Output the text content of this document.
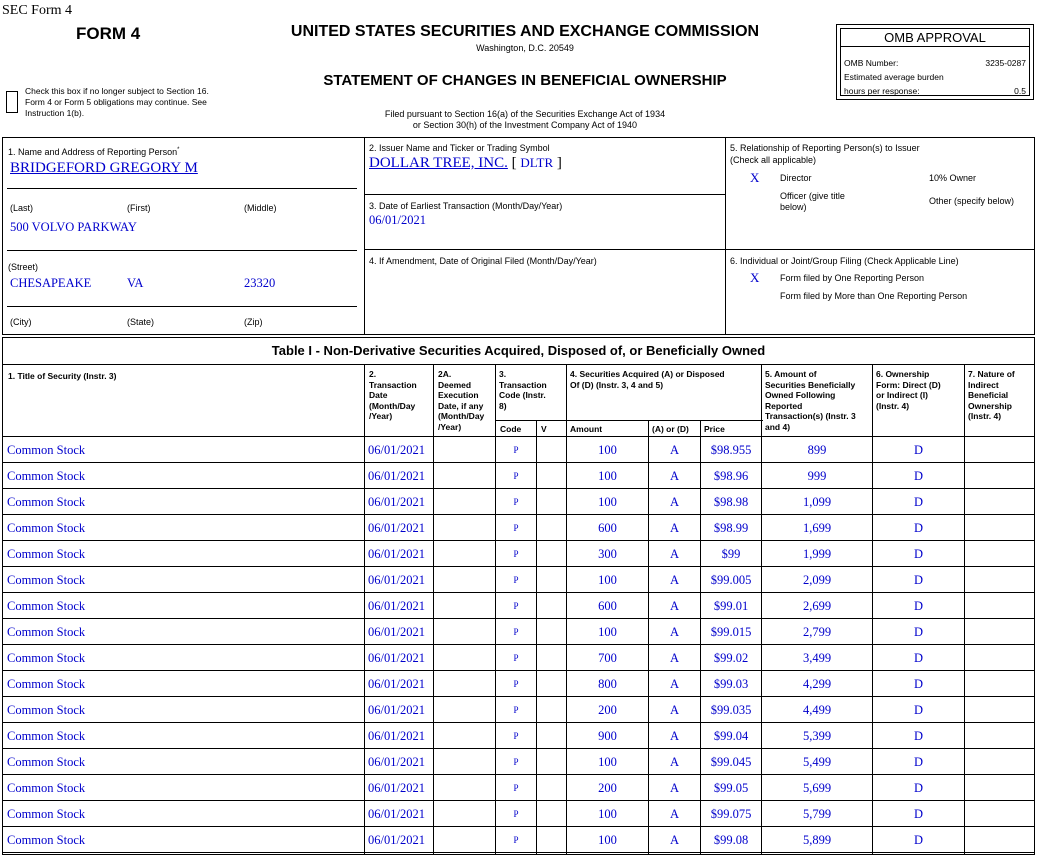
SEC Form 4
FORM 4
Check this box if no longer subject to Section 16. Form 4 or Form 5 obligations may continue. See Instruction 1(b).
UNITED STATES SECURITIES AND EXCHANGE COMMISSION
Washington, D.C. 20549
STATEMENT OF CHANGES IN BENEFICIAL OWNERSHIP
Filed pursuant to Section 16(a) of the Securities Exchange Act of 1934
or Section 30(h) of the Investment Company Act of 1940
OMB APPROVAL
OMB Number:	3235-0287
Estimated average burden
hours per response:	0.5
1. Name and Address of Reporting Person*
BRIDGEFORD GREGORY M
(Last)	(First)	(Middle)
500 VOLVO PARKWAY
(Street)
CHESAPEAKE	VA	23320
(City)	(State)	(Zip)
2. Issuer Name and Ticker or Trading Symbol
DOLLAR TREE, INC. [ DLTR ]
3. Date of Earliest Transaction (Month/Day/Year)
06/01/2021
4. If Amendment, Date of Original Filed (Month/Day/Year)
5. Relationship of Reporting Person(s) to Issuer
(Check all applicable)
X Director	10% Owner
Officer (give title
below)
Other (specify below)
6. Individual or Joint/Group Filing (Check Applicable Line)
X Form filed by One Reporting Person
Form filed by More than One Reporting Person
Table I - Non-Derivative Securities Acquired, Disposed of, or Beneficially Owned
1. Title of Security (Instr. 3)	2.
Transaction
Date
(Month/Day
/Year)
2A.
Deemed
Execution
Date, if any
(Month/Day
/Year)
3.
Transaction
Code (Instr.
8)
Code V
4. Securities Acquired (A) or Disposed
Of (D) (Instr. 3, 4 and 5)
Amount	(A) or (D) Price
5. Amount of
Securities Beneficially
Owned Following
Reported
Transaction(s) (Instr. 3
and 4)
6. Ownership
Form: Direct (D)
or Indirect (I)
(Instr. 4)
7. Nature of
Indirect
Beneficial
Ownership
(Instr. 4)
Common Stock	06/01/2021	P	100	A	$98.955	899	D
Common Stock	06/01/2021	P	100	A	$98.96	999	D
Common Stock	06/01/2021	P	100	A	$98.98	1,099	D
Common Stock	06/01/2021	P	600	A	$98.99	1,699	D
Common Stock	06/01/2021	P	300	A	$99	1,999	D
Common Stock	06/01/2021	P	100	A	$99.005	2,099	D
Common Stock	06/01/2021	P	600	A	$99.01	2,699	D
Common Stock	06/01/2021	P	100	A	$99.015	2,799	D
Common Stock	06/01/2021	P	700	A	$99.02	3,499	D
Common Stock	06/01/2021	P	800	A	$99.03	4,299	D
Common Stock	06/01/2021	P	200	A	$99.035	4,499	D
Common Stock	06/01/2021	P	900	A	$99.04	5,399	D
Common Stock	06/01/2021	P	100	A	$99.045	5,499	D
Common Stock	06/01/2021	P	200	A	$99.05	5,699	D
Common Stock	06/01/2021	P	100	A	$99.075	5,799	D
Common Stock	06/01/2021	P	100	A	$99.08	5,899	D
